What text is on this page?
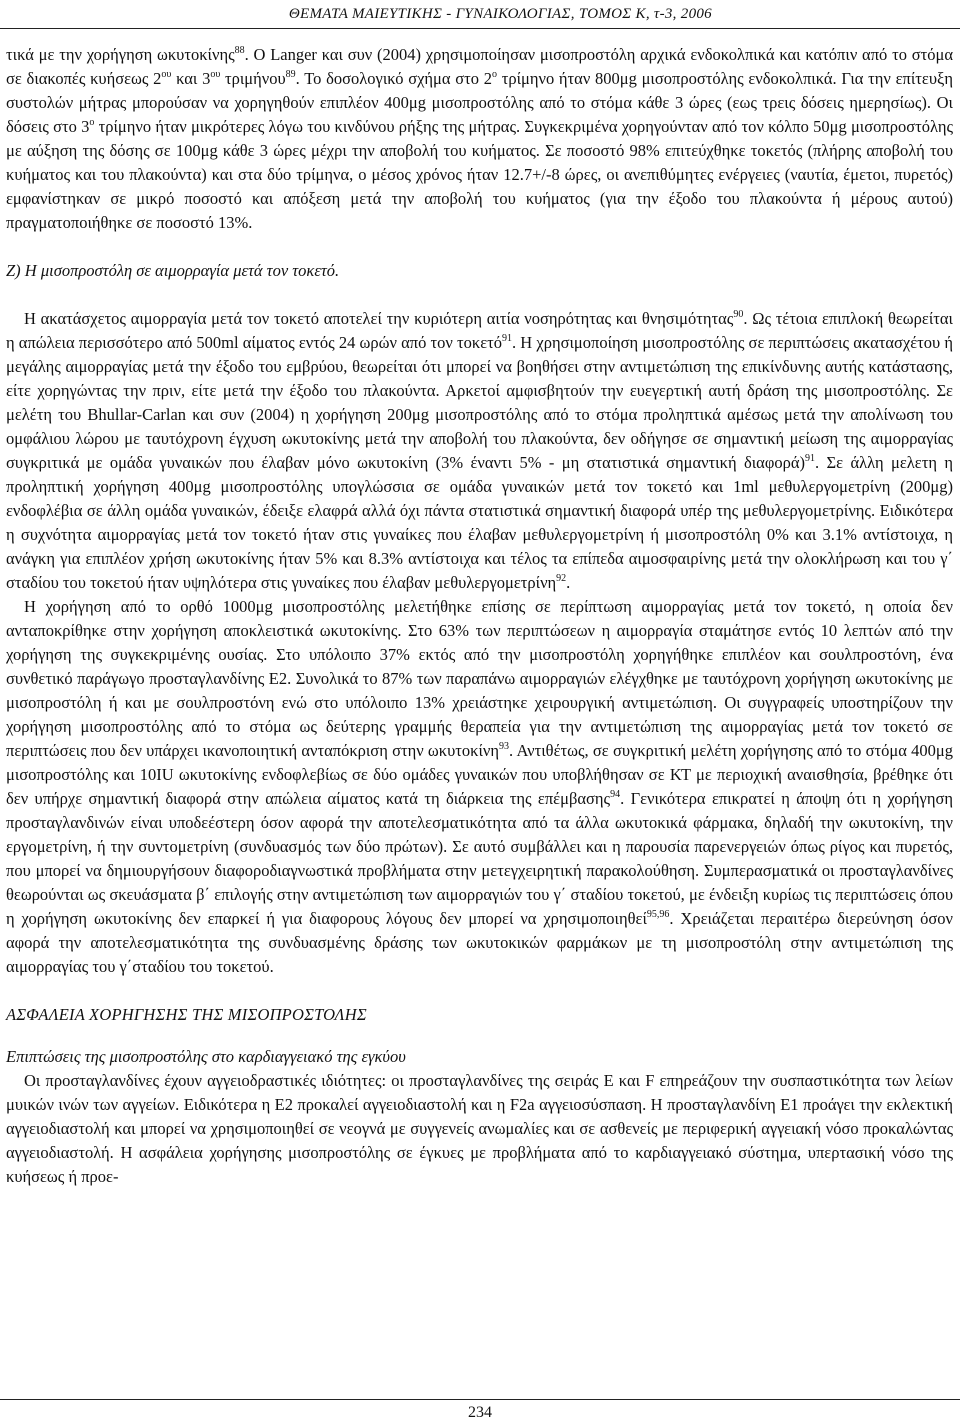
ΘΕΜΑΤΑ ΜΑΙΕΥΤΙΚΗΣ - ΓΥΝΑΙΚΟΛΟΓΙΑΣ, ΤΟΜΟΣ Κ, τ-3, 2006

τικά με την χορήγηση ωκυτοκίνης$^{88}$. Ο Langer και συν (2004) χρησιμοποίησαν μισοπροστόλη αρχικά ενδοκολπικά και κατόπιν από το στόμα σε διακοπές κυήσεως $2^{o\upsilon}$ και $3^{o\upsilon}$ τριμήνου$^{89}$. Το δοσολογικό σχήμα στο $2^o$ τρίμηνο ήταν 800μg μισοπροστόλης ενδοκολπικά. Για την επίτευξη συστολών μήτρας μπορούσαν να χορηγηθούν επιπλέον 400μg μισοπροστόλης από το στόμα κάθε 3 ώρες (εως τρεις δόσεις ημερησίως). Οι δόσεις στο $3^o$ τρίμηνο ήταν μικρότερες λόγω του κινδύνου ρήξης της μήτρας. Συγκεκριμένα χορηγούνταν από τον κόλπο 50μg μισοπροστόλης με αύξηση της δόσης σε 100μg κάθε 3 ώρες μέχρι την αποβολή του κυήματος. Σε ποσοστό 98% επιτεύχθηκε τοκετός (πλήρης αποβολή του κυήματος και του πλακούντα) και στα δύο τρίμηνα, ο μέσος χρόνος ήταν 12.7+/-8 ώρες, οι ανεπιθύμητες ενέργειες (ναυτία, έμετοι, πυρετός) εμφανίστηκαν σε μικρό ποσοστό και απόξεση μετά την αποβολή του κυήματος (για την έξοδο του πλακούντα ή μέρους αυτού) πραγματοποιήθηκε σε ποσοστό 13%.

Ζ) Η μισοπροστόλη σε αιμορραγία μετά τον τοκετό.

Η ακατάσχετος αιμορραγία μετά τον τοκετό αποτελεί την κυριότερη αιτία νοσηρότητας και θνησιμότητας$^{90}$. Ως τέτοια επιπλοκή θεωρείται η απώλεια περισσότερο από 500ml αίματος εντός 24 ωρών από τον τοκετό$^{91}$. Η χρησιμοποίηση μισοπροστόλης σε περιπτώσεις ακατασχέτου ή μεγάλης αιμορραγίας μετά την έξοδο του εμβρύου, θεωρείται ότι μπορεί να βοηθήσει στην αντιμετώπιση της επικίνδυνης αυτής κατάστασης, είτε χορηγώντας την πριν, είτε μετά την έξοδο του πλακούντα. Αρκετοί αμφισβητούν την ευεγερτική αυτή δράση της μισοπροστόλης. Σε μελέτη του Bhullar-Carlan και συν (2004) η χορήγηση 200μg μισοπροστόλης από το στόμα προληπτικά αμέσως μετά την απολίνωση του ομφάλιου λώρου με ταυτόχρονη έγχυση ωκυτοκίνης μετά την αποβολή του πλακούντα, δεν οδήγησε σε σημαντική μείωση της αιμορραγίας συγκριτικά με ομάδα γυναικών που έλαβαν μόνο ωκυτοκίνη (3% έναντι 5% - μη στατιστικά σημαντική διαφορά)$^{91}$. Σε άλλη μελετη η προληπτική χορήγηση 400μg μισοπροστόλης υπογλώσσια σε ομάδα γυναικών μετά τον τοκετό και 1ml μεθυλεργομετρίνη (200μg) ενδοφλέβια σε άλλη ομάδα γυναικών, έδειξε ελαφρά αλλά όχι πάντα στατιστικά σημαντική διαφορά υπέρ της μεθυλεργομετρίνης. Ειδικότερα η συχνότητα αιμορραγίας μετά τον τοκετό ήταν στις γυναίκες που έλαβαν μεθυλεργομετρίνη ή μισοπροστόλη 0% και 3.1% αντίστοιχα, η ανάγκη για επιπλέον χρήση ωκυτοκίνης ήταν 5% και 8.3% αντίστοιχα και τέλος τα επίπεδα αιμοσφαιρίνης μετά την ολοκλήρωση και του γ΄ σταδίου του τοκετού ήταν υψηλότερα στις γυναίκες που έλαβαν μεθυλεργομετρίνη$^{92}$.

Η χορήγηση από το ορθό 1000μg μισοπροστόλης μελετήθηκε επίσης σε περίπτωση αιμορραγίας μετά τον τοκετό, η οποία δεν ανταποκρίθηκε στην χορήγηση αποκλειστικά ωκυτοκίνης. Στο 63% των περιπτώσεων η αιμορραγία σταμάτησε εντός 10 λεπτών από την χορήγηση της συγκεκριμένης ουσίας. Στο υπόλοιπο 37% εκτός από την μισοπροστόλη χορηγήθηκε επιπλέον και σουλπροστόνη, ένα συνθετικό παράγωγο προσταγλανδίνης Ε2. Συνολικά το 87% των παραπάνω αιμορραγιών ελέγχθηκε με ταυτόχρονη χορήγηση ωκυτοκίνης με μισοπροστόλη ή και με σουλπροστόνη ενώ στο υπόλοιπο 13% χρειάστηκε χειρουργική αντιμετώπιση. Οι συγγραφείς υποστηρίζουν την χορήγηση μισοπροστόλης από το στόμα ως δεύτερης γραμμής θεραπεία για την αντιμετώπιση της αιμορραγίας μετά τον τοκετό σε περιπτώσεις που δεν υπάρχει ικανοποιητική ανταπόκριση στην ωκυτοκίνη$^{93}$. Αντιθέτως, σε συγκριτική μελέτη χορήγησης από το στόμα 400μg μισοπροστόλης και 10IU ωκυτοκίνης ενδοφλεβίως σε δύο ομάδες γυναικών που υποβλήθησαν σε ΚΤ με περιοχική αναισθησία, βρέθηκε ότι δεν υπήρχε σημαντική διαφορά στην απώλεια αίματος κατά τη διάρκεια της επέμβασης$^{94}$. Γενικότερα επικρατεί η άποψη ότι η χορήγηση προσταγλανδινών είναι υποδεέστερη όσον αφορά την αποτελεσματικότητα από τα άλλα ωκυτοκικά φάρμακα, δηλαδή την ωκυτοκίνη, την εργομετρίνη, ή την συντομετρίνη (συνδυασμός των δύο πρώτων). Σε αυτό συμβάλλει και η παρουσία παρενεργειών όπως ρίγος και πυρετός, που μπορεί να δημιουργήσουν διαφοροδιαγνωστικά προβλήματα στην μετεγχειρητική παρακολούθηση. Συμπερασματικά οι προσταγλανδίνες θεωρούνται ως σκευάσματα β΄ επιλογής στην αντιμετώπιση των αιμορραγιών του γ΄ σταδίου τοκετού, με ένδειξη κυρίως τις περιπτώσεις όπου η χορήγηση ωκυτοκίνης δεν επαρκεί ή για διαφορους λόγους δεν μπορεί να χρησιμοποιηθεί$^{95,96}$. Χρειάζεται περαιτέρω διερεύνηση όσον αφορά την αποτελεσματικότητα της συνδυασμένης δράσης των ωκυτοκικών φαρμάκων με τη μισοπροστόλη στην αντιμετώπιση της αιμορραγίας του γ΄σταδίου του τοκετού.

ΑΣΦΑΛΕΙΑ ΧΟΡΗΓΗΣΗΣ ΤΗΣ ΜΙΣΟΠΡΟΣΤΟΛΗΣ

Επιπτώσεις της μισοπροστόλης στο καρδιαγγειακό της εγκύου

Οι προσταγλανδίνες έχουν αγγειοδραστικές ιδιότητες: οι προσταγλανδίνες της σειράς E και F επηρεάζουν την συσπαστικότητα των λείων μυικών ινών των αγγείων. Ειδικότερα η Ε2 προκαλεί αγγειοδιαστολή και η F2a αγγειοσύσπαση. Η προσταγλανδίνη Ε1 προάγει την εκλεκτική αγγειοδιαστολή και μπορεί να χρησιμοποιηθεί σε νεογνά με συγγενείς ανωμαλίες και σε ασθενείς με περιφερική αγγειακή νόσο προκαλώντας αγγειοδιαστολή. Η ασφάλεια χορήγησης μισοπροστόλης σε έγκυες με προβλήματα από το καρδιαγγειακό σύστημα, υπερτασική νόσο της κυήσεως ή προε-

234
